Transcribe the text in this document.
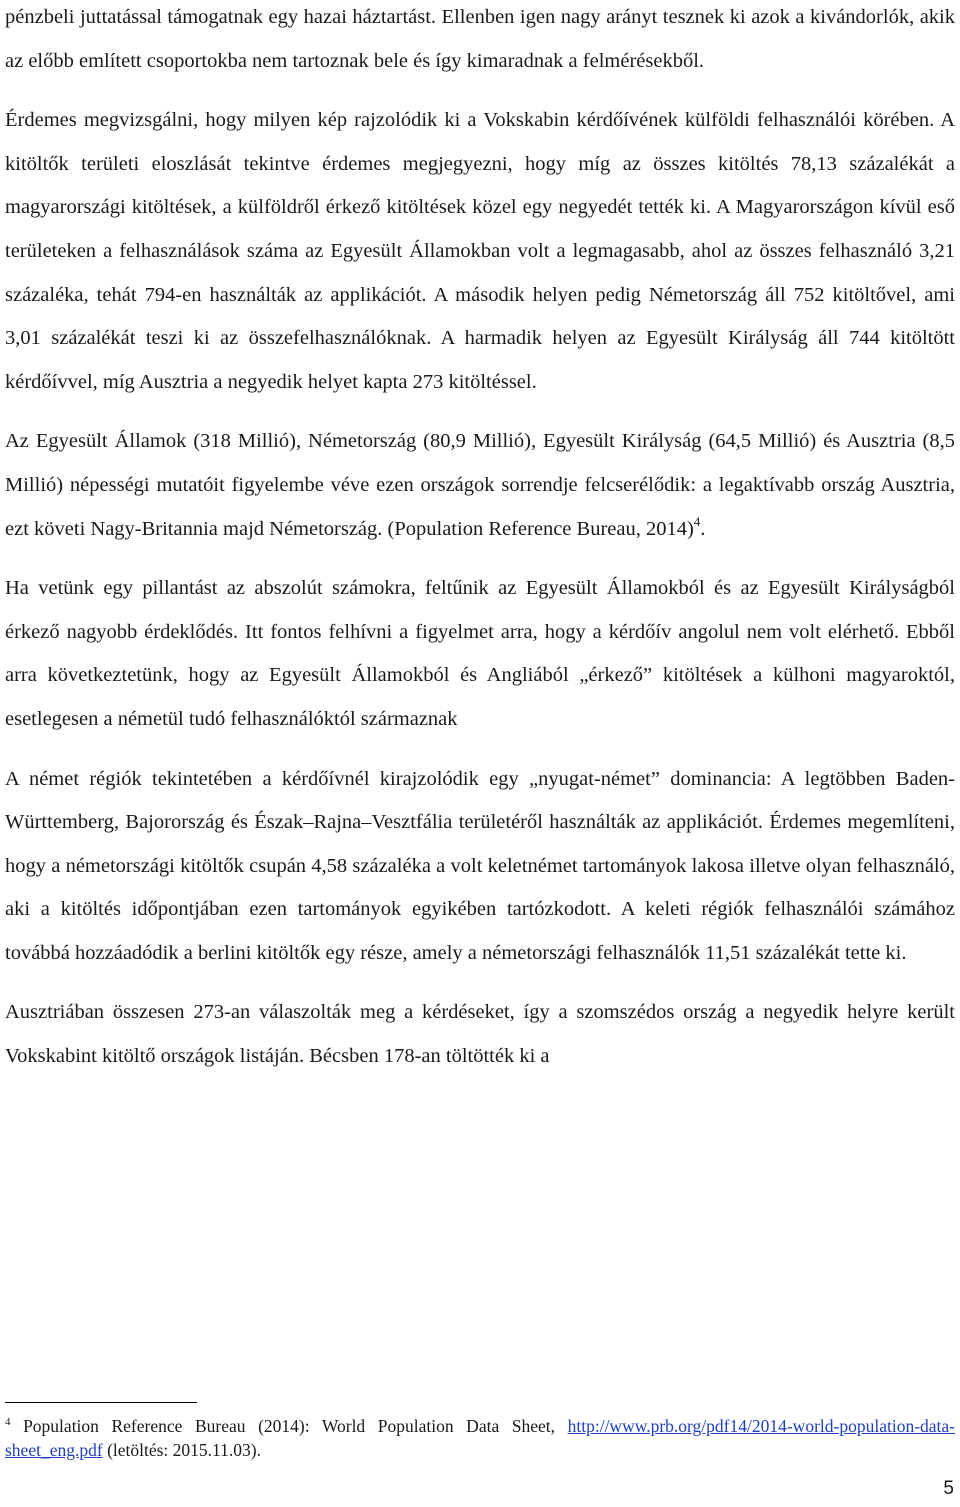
pénzbeli juttatással támogatnak egy hazai háztartást. Ellenben igen nagy arányt tesznek ki azok a kivándorlók, akik az előbb említett csoportokba nem tartoznak bele és így kimaradnak a felmérésekből.

Érdemes megvizsgálni, hogy milyen kép rajzolódik ki a Vokskabin kérdőívének külföldi felhasználói körében. A kitöltők területi eloszlását tekintve érdemes megjegyezni, hogy míg az összes kitöltés 78,13 százalékát a magyarországi kitöltések, a külföldről érkező kitöltések közel egy negyedét tették ki. A Magyarországon kívül eső területeken a felhasználások száma az Egyesült Államokban volt a legmagasabb, ahol az összes felhasználó 3,21 százaléka, tehát 794-en használták az applikációt. A második helyen pedig Németország áll 752 kitöltővel, ami 3,01 százalékát teszi ki az összefelhasználóknak. A harmadik helyen az Egyesült Királyság áll 744 kitöltött kérdőívvel, míg Ausztria a negyedik helyet kapta 273 kitöltéssel.

Az Egyesült Államok (318 Millió), Németország (80,9 Millió), Egyesült Királyság (64,5 Millió) és Ausztria (8,5 Millió) népességi mutatóit figyelembe véve ezen országok sorrendje felcserélődik: a legaktívabb ország Ausztria, ezt követi Nagy-Britannia majd Németország. (Population Reference Bureau, 2014)$^4$.

Ha vetünk egy pillantást az abszolút számokra, feltűnik az Egyesült Államokból és az Egyesült Királyságból érkező nagyobb érdeklődés. Itt fontos felhívni a figyelmet arra, hogy a kérdőív angolul nem volt elérhető. Ebből arra következtetünk, hogy az Egyesült Államokból és Angliából „érkező” kitöltések a külhoni magyaroktól, esetlegesen a németül tudó felhasználóktól származnak

A német régiók tekintetében a kérdőívnél kirajzolódik egy „nyugat-német” dominancia: A legtöbben Baden-Württemberg, Bajorország és Észak–Rajna–Vesztfália területéről használták az applikációt. Érdemes megemlíteni, hogy a németországi kitöltők csupán 4,58 százaléka a volt keletnémet tartományok lakosa illetve olyan felhasználó, aki a kitöltés időpontjában ezen tartományok egyikében tartózkodott. A keleti régiók felhasználói számához továbbá hozzáadódik a berlini kitöltők egy része, amely a németországi felhasználók 11,51 százalékát tette ki.

Ausztriában összesen 273-an válaszolták meg a kérdéseket, így a szomszédos ország a negyedik helyre került Vokskabint kitöltő országok listáján. Bécsben 178-an töltötték ki a

$^4$ Population Reference Bureau (2014): World Population Data Sheet, http://www.prb.org/pdf14/2014-world-population-data-sheet_eng.pdf (letöltés: 2015.11.03).

5
